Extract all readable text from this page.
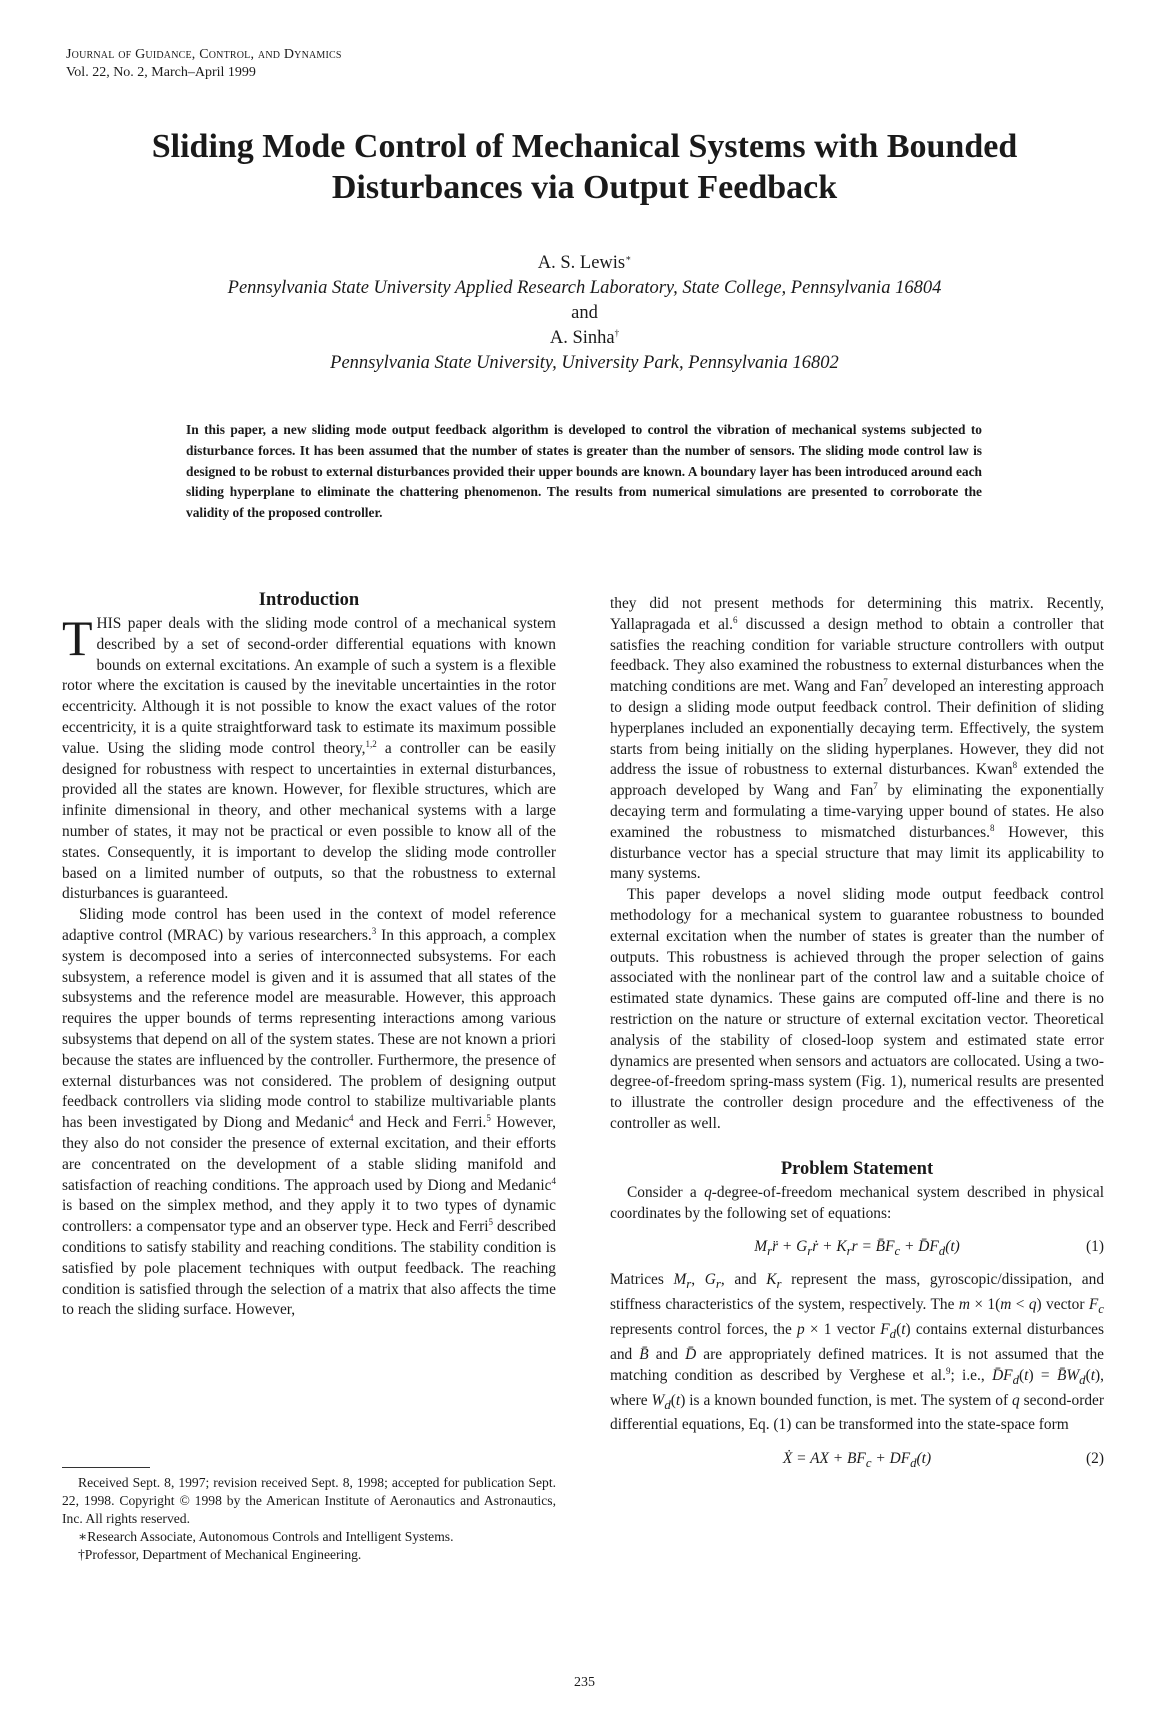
Journal of Guidance, Control, and Dynamics
Vol. 22, No. 2, March–April 1999
Sliding Mode Control of Mechanical Systems with Bounded
Disturbances via Output Feedback
A. S. Lewis∗
Pennsylvania State University Applied Research Laboratory, State College, Pennsylvania 16804
and
A. Sinha†
Pennsylvania State University, University Park, Pennsylvania 16802
In this paper, a new sliding mode output feedback algorithm is developed to control the vibration of mechanical systems subjected to disturbance forces. It has been assumed that the number of states is greater than the number of sensors. The sliding mode control law is designed to be robust to external disturbances provided their upper bounds are known. A boundary layer has been introduced around each sliding hyperplane to eliminate the chattering phenomenon. The results from numerical simulations are presented to corroborate the validity of the proposed controller.
Introduction

THIS paper deals with the sliding mode control of a mechanical system described by a set of second-order differential equations with known bounds on external excitations. An example of such a system is a flexible rotor where the excitation is caused by the inevitable uncertainties in the rotor eccentricity. Although it is not possible to know the exact values of the rotor eccentricity, it is a quite straightforward task to estimate its maximum possible value. Using the sliding mode control theory,$^{1,2}$ a controller can be easily designed for robustness with respect to uncertainties in external disturbances, provided all the states are known. However, for flexible structures, which are infinite dimensional in theory, and other mechanical systems with a large number of states, it may not be practical or even possible to know all of the states. Consequently, it is important to develop the sliding mode controller based on a limited number of outputs, so that the robustness to external disturbances is guaranteed.

Sliding mode control has been used in the context of model reference adaptive control (MRAC) by various researchers.$^3$ In this approach, a complex system is decomposed into a series of interconnected subsystems. For each subsystem, a reference model is given and it is assumed that all states of the subsystems and the reference model are measurable. However, this approach requires the upper bounds of terms representing interactions among various subsystems that depend on all of the system states. These are not known a priori because the states are influenced by the controller. Furthermore, the presence of external disturbances was not considered. The problem of designing output feedback controllers via sliding mode control to stabilize multivariable plants has been investigated by Diong and Medanic$^4$ and Heck and Ferri.$^5$ However, they also do not consider the presence of external excitation, and their efforts are concentrated on the development of a stable sliding manifold and satisfaction of reaching conditions. The approach used by Diong and Medanic$^4$ is based on the simplex method, and they apply it to two types of dynamic controllers: a compensator type and an observer type. Heck and Ferri$^5$ described conditions to satisfy stability and reaching conditions. The stability condition is satisfied by pole placement techniques with output feedback. The reaching condition is satisfied through the selection of a matrix that also affects the time to reach the sliding surface. However,

they did not present methods for determining this matrix. Recently, Yallapragada et al.$^6$ discussed a design method to obtain a controller that satisfies the reaching condition for variable structure controllers with output feedback. They also examined the robustness to external disturbances when the matching conditions are met. Wang and Fan$^7$ developed an interesting approach to design a sliding mode output feedback control. Their definition of sliding hyperplanes included an exponentially decaying term. Effectively, the system starts from being initially on the sliding hyperplanes. However, they did not address the issue of robustness to external disturbances. Kwan$^8$ extended the approach developed by Wang and Fan$^7$ by eliminating the exponentially decaying term and formulating a time-varying upper bound of states. He also examined the robustness to mismatched disturbances.$^8$ However, this disturbance vector has a special structure that may limit its applicability to many systems.

This paper develops a novel sliding mode output feedback control methodology for a mechanical system to guarantee robustness to bounded external excitation when the number of states is greater than the number of outputs. This robustness is achieved through the proper selection of gains associated with the nonlinear part of the control law and a suitable choice of estimated state dynamics. These gains are computed off-line and there is no restriction on the nature or structure of external excitation vector. Theoretical analysis of the stability of closed-loop system and estimated state error dynamics are presented when sensors and actuators are collocated. Using a two-degree-of-freedom spring-mass system (Fig. 1), numerical results are presented to illustrate the controller design procedure and the effectiveness of the controller as well.

Problem Statement

Consider a q-degree-of-freedom mechanical system described in physical coordinates by the following set of equations:

$M_rr̈$ + $G_rṙ + K_rr$ = $B̄F_c$ + $D̄F_d(t)$	(1)

Matrices $M_r$, $G_r$, and $K_r$ represent the mass, gyroscopic/dissipation, and stiffness characteristics of the system, respectively. The m × 1(m < q) vector $F_c$ represents control forces, the p × 1 vector $F_d(t)$ contains external disturbances and B̄ and D̄ are appropriately defined matrices. It is not assumed that the matching condition as described by Verghese et al.$^9$; i.e., $D̄F_d(t)$ = $B̄W_d(t)$, where $W_d(t)$ is a known bounded function, is met. The system of q second-order differential equations, Eq. (1) can be transformed into the state-space form

Ẋ = AX + $BF_c + DF_d(t)$	(2)

Received Sept. 8, 1997; revision received Sept. 8, 1998; accepted for publication Sept. 22, 1998. Copyright © 1998 by the American Institute of Aeronautics and Astronautics, Inc. All rights reserved.

∗Research Associate, Autonomous Controls and Intelligent Systems.

†Professor, Department of Mechanical Engineering.

235
